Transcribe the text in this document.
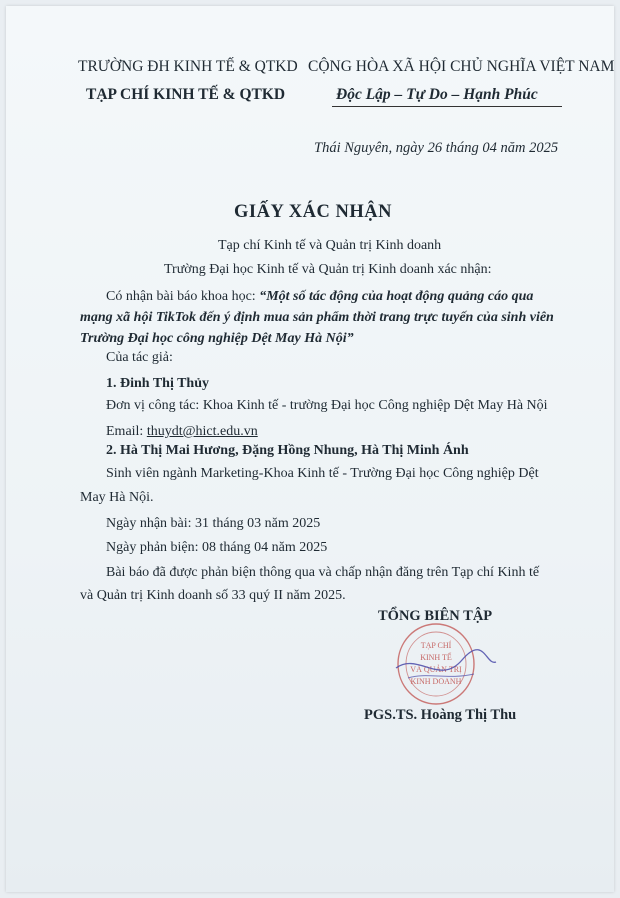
TRƯỜNG ĐH KINH TẾ & QTKD
TẠP CHÍ KINH TẾ & QTKD
CỘNG HÒA XÃ HỘI CHỦ NGHĨA VIỆT NAM
Độc Lập – Tự Do – Hạnh Phúc
Thái Nguyên, ngày 26 tháng 04 năm 2025
GIẤY XÁC NHẬN
Tạp chí Kinh tế và Quản trị Kinh doanh
Trường Đại học Kinh tế và Quản trị Kinh doanh xác nhận:
Có nhận bài báo khoa học: “Một số tác động của hoạt động quảng cáo qua
mạng xã hội TikTok đến ý định mua sản phẩm thời trang trực tuyến của sinh viên
Trường Đại học công nghiệp Dệt May Hà Nội”
Của tác giả:
1. Đinh Thị Thủy
Đơn vị công tác: Khoa Kinh tế - trường Đại học Công nghiệp Dệt May Hà Nội
Email: thuydt@hict.edu.vn
2. Hà Thị Mai Hương, Đặng Hồng Nhung, Hà Thị Minh Ánh
Sinh viên ngành Marketing-Khoa Kinh tế - Trường Đại học Công nghiệp Dệt
May Hà Nội.
Ngày nhận bài: 31 tháng 03 năm 2025
Ngày phản biện: 08 tháng 04 năm 2025
Bài báo đã được phản biện thông qua và chấp nhận đăng trên Tạp chí Kinh tế
và Quản trị Kinh doanh số 33 quý II năm 2025.
TỔNG BIÊN TẬP
TẠP CHÍ
KINH TẾ
VÀ QUẢN TRỊ
KINH DOANH
PGS.TS. Hoàng Thị Thu
